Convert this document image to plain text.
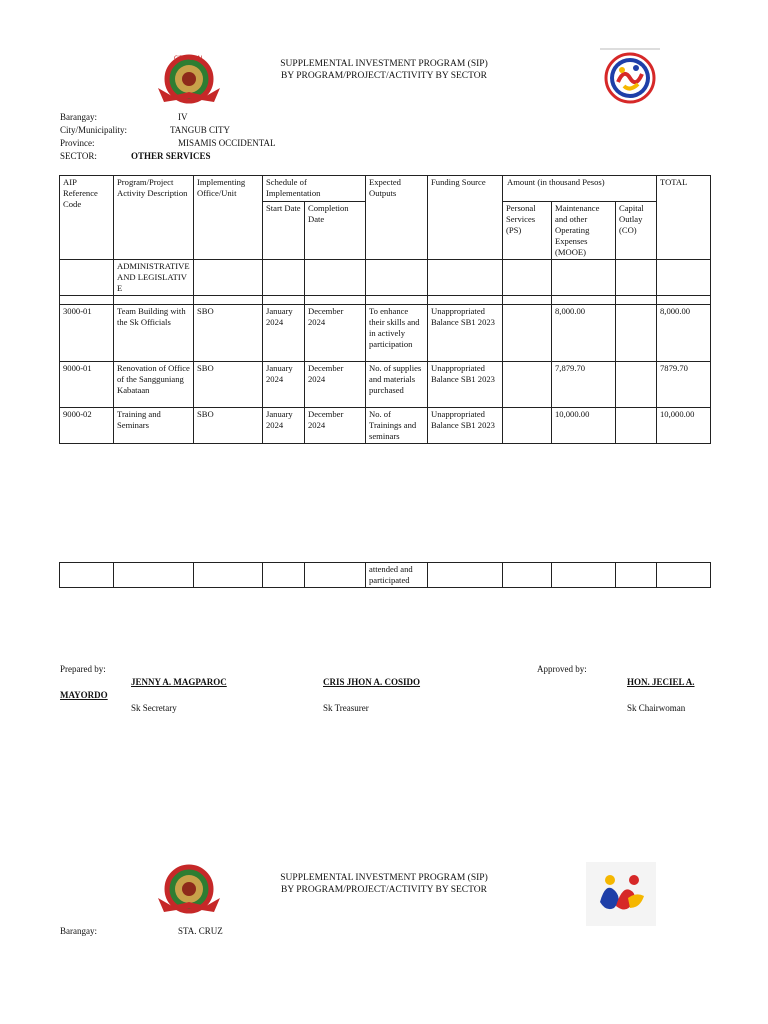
CITY SEAL
SUPPLEMENTAL INVESTMENT PROGRAM (SIP)
BY PROGRAM/PROJECT/ACTIVITY BY SECTOR
Barangay:	IV
City/Municipality:	TANGUB CITY
Province:	MISAMIS OCCIDENTAL
SECTOR:	OTHER SERVICES
AIP Reference Code	Program/Project Activity Description	Implementing Office/Unit	Schedule of Implementation		Expected Outputs	Funding Source	Amount (in thousand Pesos)			TOTAL
			Start Date	Completion Date			Personal Services (PS)	Maintenance and other Operating Expenses (MOOE)	Capital Outlay (CO)	
	ADMINISTRATIVE AND LEGISLATIVE									

3000-01	Team Building with the Sk Officials	SBO	January 2024	December 2024	To enhance their skills and in actively participation	Unappropriated Balance SB1 2023		8,000.00		8,000.00
9000-01	Renovation of Office of the Sangguniang Kabataan	SBO	January 2024	December 2024	No. of supplies and materials purchased	Unappropriated Balance SB1 2023		7,879.70		7879.70
9000-02	Training and Seminars	SBO	January 2024	December 2024	No. of Trainings and seminars	Unappropriated Balance SB1 2023		10,000.00		10,000.00
					attended and participated					
Prepared by:	Approved by:
JENNY A. MAGPAROC	CRIS JHON A. COSIDO	HON. JECIEL A.
MAYORDO
Sk Secretary	Sk Treasurer	Sk Chairwoman
SUPPLEMENTAL INVESTMENT PROGRAM (SIP)
BY PROGRAM/PROJECT/ACTIVITY BY SECTOR
Barangay:	STA. CRUZ
